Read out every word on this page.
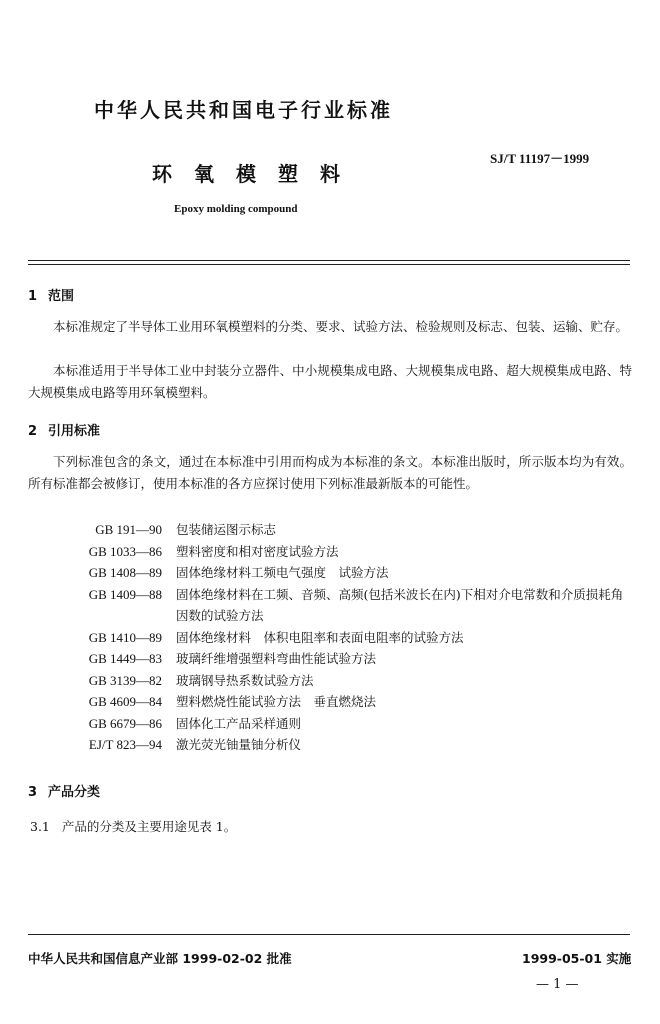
中华人民共和国电子行业标准
环氧模塑料
SJ/T 11197－1999
Epoxy molding compound
1 范围
本标准规定了半导体工业用环氧模塑料的分类、要求、试验方法、检验规则及标志、包装、运输、贮存。
本标准适用于半导体工业中封装分立器件、中小规模集成电路、大规模集成电路、超大规模集成电路、特大规模集成电路等用环氧模塑料。
2 引用标准
下列标准包含的条文，通过在本标准中引用而构成为本标准的条文。本标准出版时，所示版本均为有效。所有标准都会被修订，使用本标准的各方应探讨使用下列标准最新版本的可能性。
GB 191—90 包装储运图示标志
GB 1033—86 塑料密度和相对密度试验方法
GB 1408—89 固体绝缘材料工频电气强度　试验方法
GB 1409—88 固体绝缘材料在工频、音频、高频(包括米波长在内)下相对介电常数和介质损耗角因数的试验方法
GB 1410—89 固体绝缘材料　体积电阻率和表面电阻率的试验方法
GB 1449—83 玻璃纤维增强塑料弯曲性能试验方法
GB 3139—82 玻璃钢导热系数试验方法
GB 4609—84 塑料燃烧性能试验方法　垂直燃烧法
GB 6679—86 固体化工产品采样通则
EJ/T 823—94 激光荧光铀量铀分析仪
3 产品分类
3.1 产品的分类及主要用途见表 1。
中华人民共和国信息产业部 1999-02-02 批准	1999-05-01 实施
— 1 —
